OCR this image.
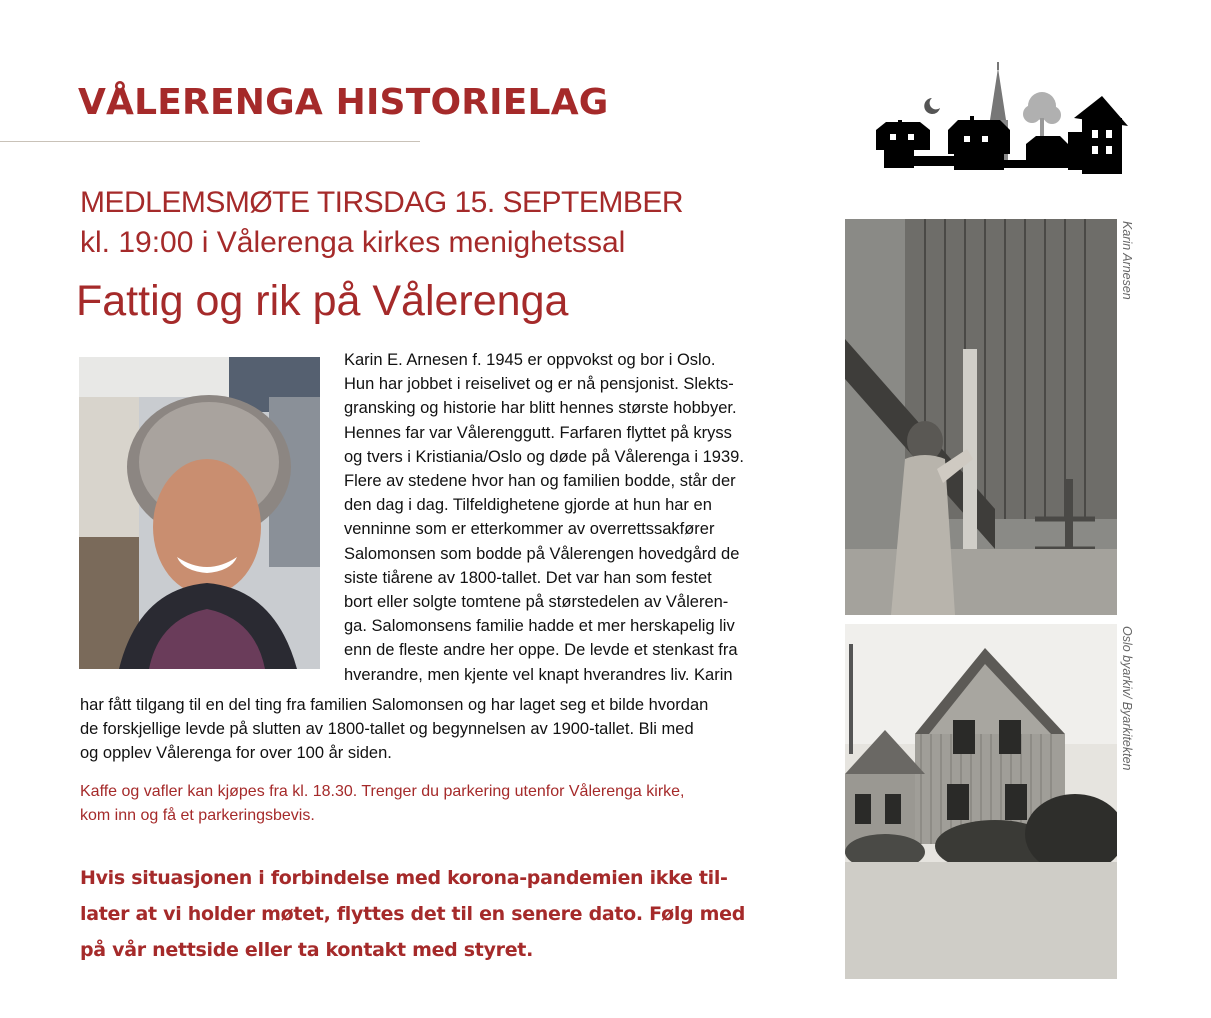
VÅLERENGA HISTORIELAG
MEDLEMSMØTE TIRSDAG 15. SEPTEMBER
kl. 19:00 i Vålerenga kirkes menighetssal
Fattig og rik på Vålerenga
Karin E. Arnesen f. 1945 er oppvokst og bor i Oslo.
Hun har jobbet i reiselivet og er nå pensjonist. Slekts-
gransking og historie har blitt hennes største hobbyer.
Hennes far var Vålerenggutt. Farfaren flyttet på kryss
og tvers i Kristiania/Oslo og døde på Vålerenga i 1939.
Flere av stedene hvor han og familien bodde, står der
den dag i dag. Tilfeldighetene gjorde at hun har en
venninne som er etterkommer av overrettssakfører
Salomonsen som bodde på Vålerengen hovedgård de
siste tiårene av 1800-tallet. Det var han som festet
bort eller solgte tomtene på størstedelen av Våleren-
ga. Salomonsens familie hadde et mer herskapelig liv
enn de fleste andre her oppe. De levde et stenkast fra
hverandre, men kjente vel knapt hverandres liv. Karin
har fått tilgang til en del ting fra familien Salomonsen og har laget seg et bilde hvordan
de forskjellige levde på slutten av 1800-tallet og begynnelsen av 1900-tallet. Bli med
og opplev Vålerenga for over 100 år siden.
Kaffe og vafler kan kjøpes fra kl. 18.30. Trenger du parkering utenfor Vålerenga kirke,
kom inn og få et parkeringsbevis.
Hvis situasjonen i forbindelse med korona-pandemien ikke til-
later at vi holder møtet, flyttes det til en senere dato. Følg med
på vår nettside eller ta kontakt med styret.
Karin Arnesen
Oslo byarkiv/ Byarkitekten
